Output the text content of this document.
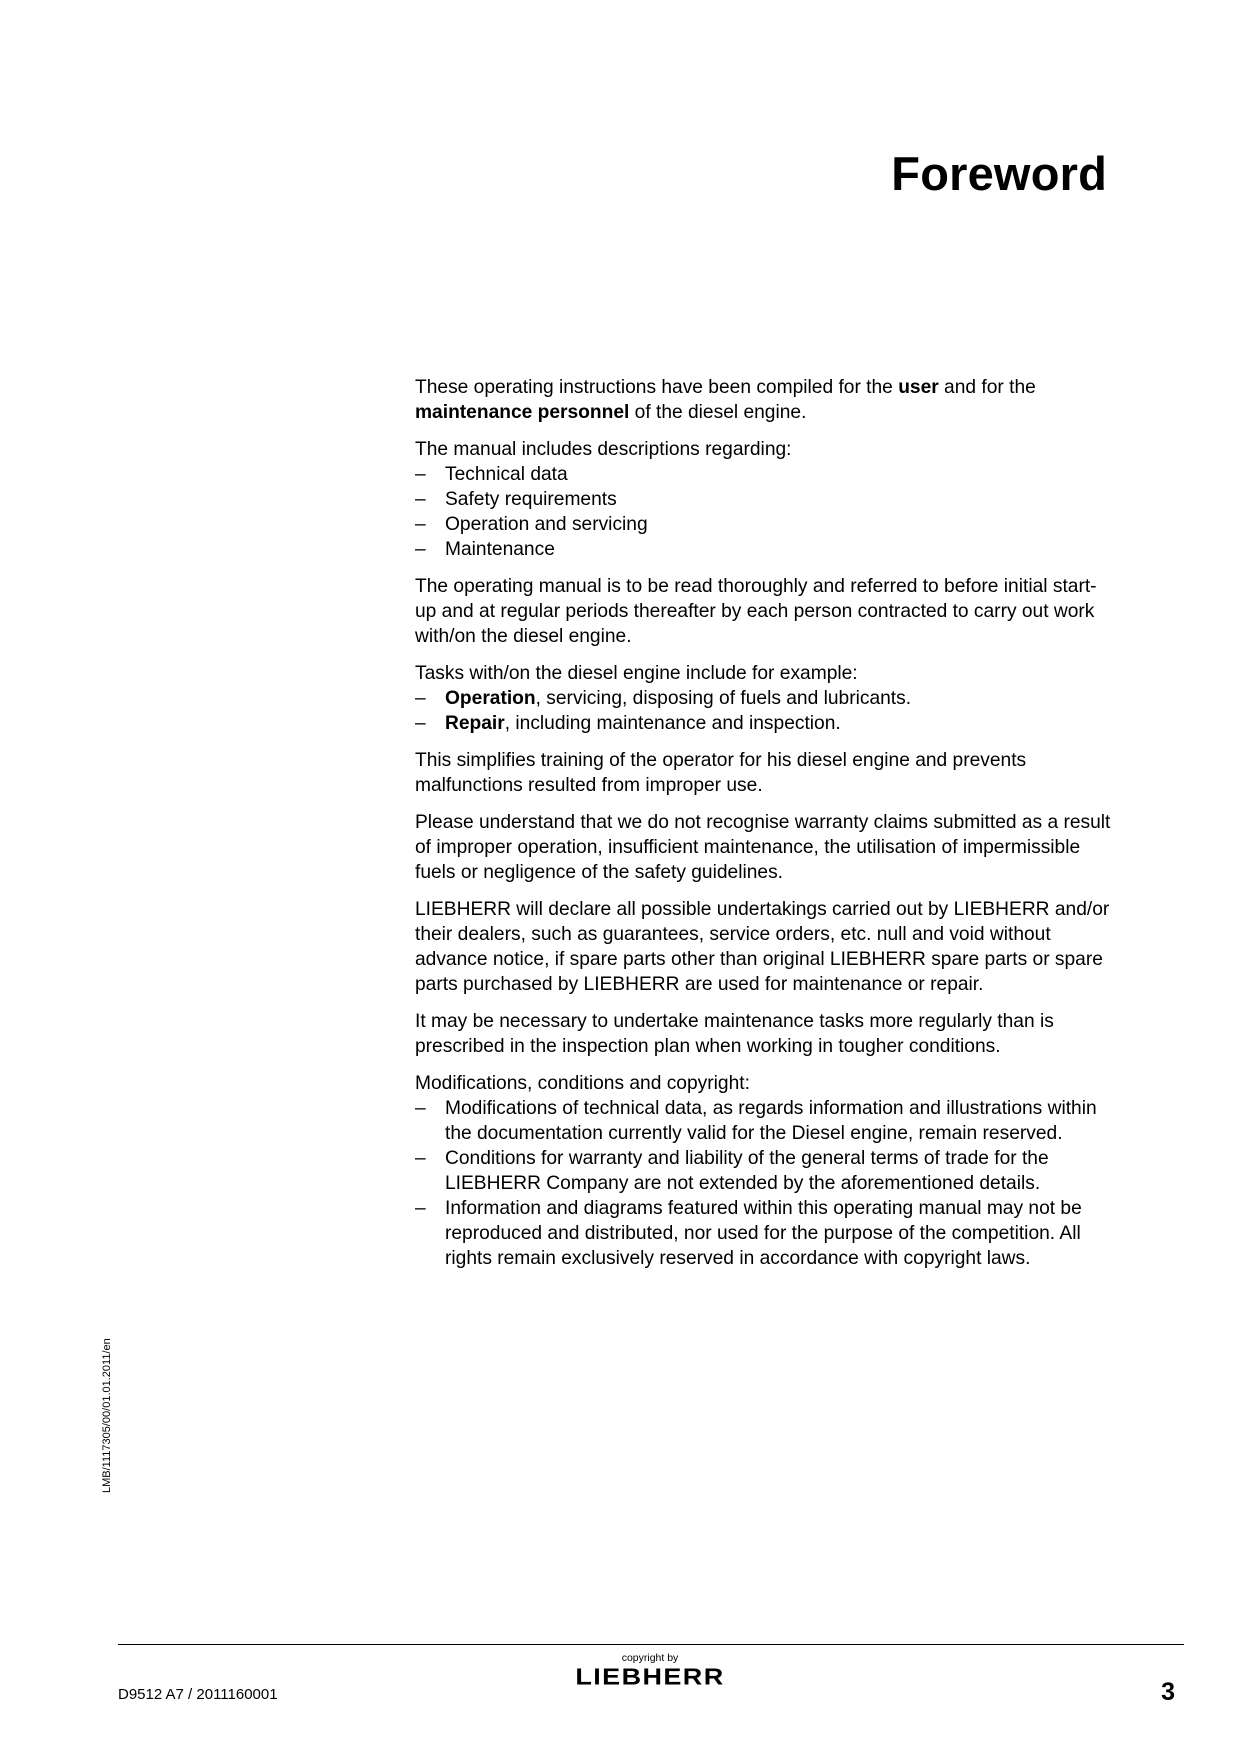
Foreword

These operating instructions have been compiled for the user and for the maintenance personnel of the diesel engine.

The manual includes descriptions regarding:

– Technical data
– Safety requirements
– Operation and servicing
– Maintenance

The operating manual is to be read thoroughly and referred to before initial start-up and at regular periods thereafter by each person contracted to carry out work with/on the diesel engine.

Tasks with/on the diesel engine include for example:

– Operation, servicing, disposing of fuels and lubricants.
– Repair, including maintenance and inspection.

This simplifies training of the operator for his diesel engine and prevents malfunctions resulted from improper use.

Please understand that we do not recognise warranty claims submitted as a result of improper operation, insufficient maintenance, the utilisation of impermissible fuels or negligence of the safety guidelines.

LIEBHERR will declare all possible undertakings carried out by LIEBHERR and/or their dealers, such as guarantees, service orders, etc. null and void without advance notice, if spare parts other than original LIEBHERR spare parts or spare parts purchased by LIEBHERR are used for maintenance or repair.

It may be necessary to undertake maintenance tasks more regularly than is prescribed in the inspection plan when working in tougher conditions.

Modifications, conditions and copyright:

– Modifications of technical data, as regards information and illustrations within the documentation currently valid for the Diesel engine, remain reserved.
– Conditions for warranty and liability of the general terms of trade for the LIEBHERR Company are not extended by the aforementioned details.
– Information and diagrams featured within this operating manual may not be reproduced and distributed, nor used for the purpose of the competition. All rights remain exclusively reserved in accordance with copyright laws.
LMB/1117305/00/01.01.2011/en
D9512 A7 / 2011160001
copyright by
LIEBHERR
3
